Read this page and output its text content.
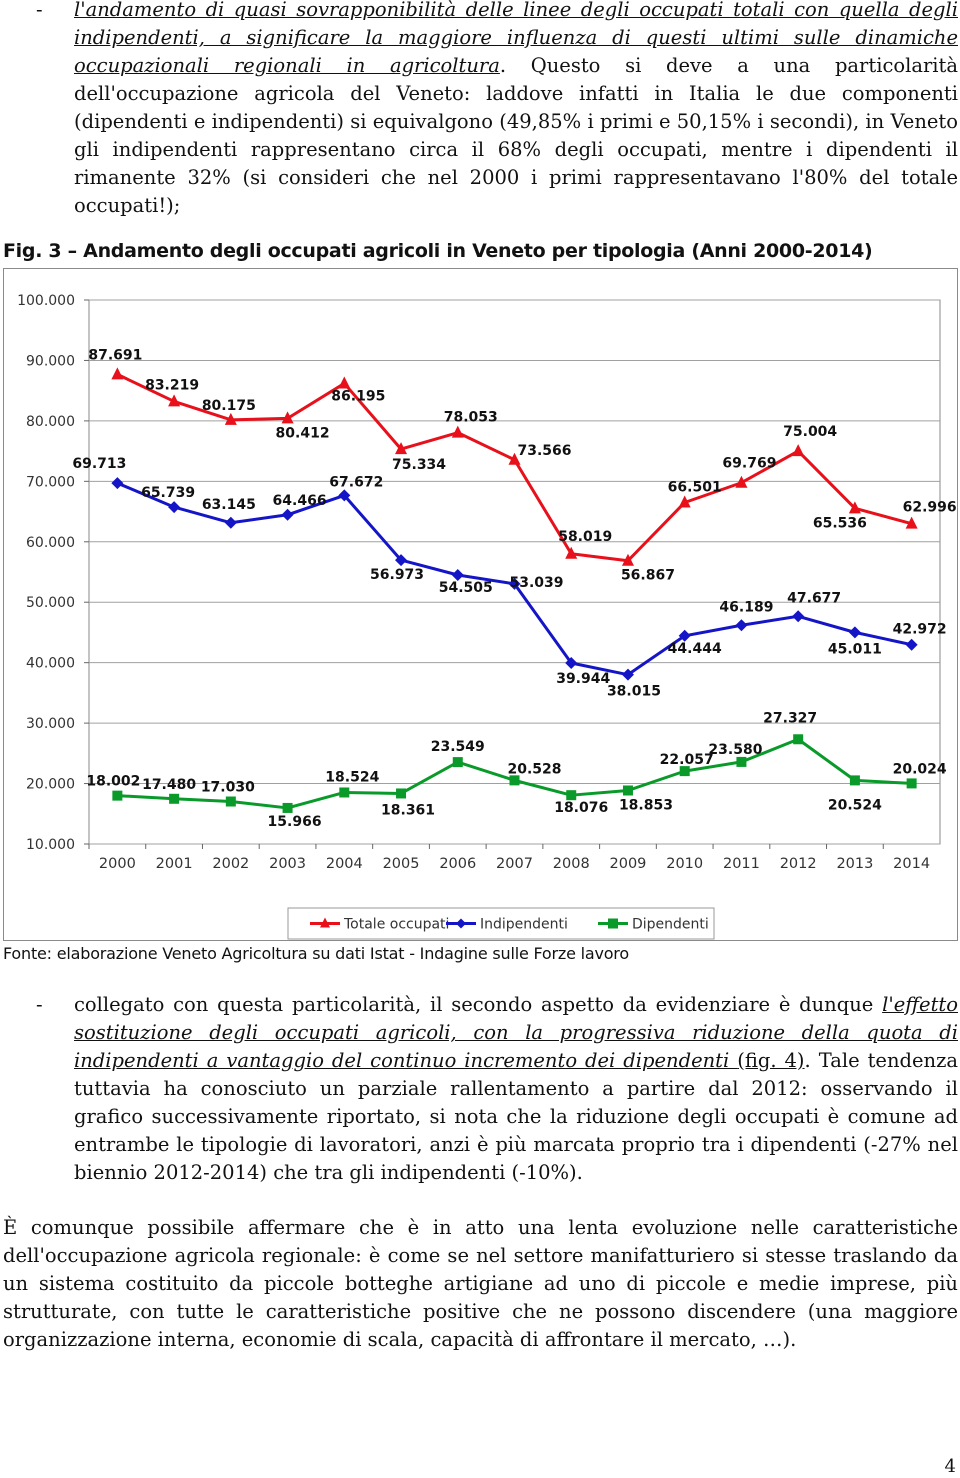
- l'andamento di quasi sovrapponibilità delle linee degli occupati totali con quella degli indipendenti, a significare la maggiore influenza di questi ultimi sulle dinamiche occupazionali regionali in agricoltura. Questo si deve a una particolarità dell'occupazione agricola del Veneto: laddove infatti in Italia le due componenti (dipendenti e indipendenti) si equivalgono (49,85% i primi e 50,15% i secondi), in Veneto gli indipendenti rappresentano circa il 68% degli occupati, mentre i dipendenti il rimanente 32% (si consideri che nel 2000 i primi rappresentavano l'80% del totale occupati!);

Fig. 3 – Andamento degli occupati agricoli in Veneto per tipologia (Anni 2000-2014)
10.000
20.000
30.000
40.000
50.000
60.000
70.000
80.000
90.000
100.000
2000 2001 2002 2003 2004 2005 2006 2007 2008 2009 2010 2011 2012 2013 2014
87.691
83.219
80.175
80.412
86.195
75.334
78.053
73.566
58.019
56.867
66.501
69.769
75.004
65.536
62.996
69.713
65.739
63.145 64.466
67.672
56.973
54.505 53.039
39.944
38.015
44.444
46.189
47.677
45.011
42.972
18.002 17.480 17.030
15.966
18.524
18.361
23.549
20.528
18.076 18.853
22.057
23.580
27.327
20.524
20.024
Totale occupati Indipendenti	Dipendenti
Fonte: elaborazione Veneto Agricoltura su dati Istat - Indagine sulle Forze lavoro
- collegato con questa particolarità, il secondo aspetto da evidenziare è dunque l'effetto sostituzione degli occupati agricoli, con la progressiva riduzione della quota di indipendenti a vantaggio del continuo incremento dei dipendenti (fig. 4). Tale tendenza tuttavia ha conosciuto un parziale rallentamento a partire dal 2012: osservando il grafico successivamente riportato, si nota che la riduzione degli occupati è comune ad entrambe le tipologie di lavoratori, anzi è più marcata proprio tra i dipendenti (-27% nel biennio 2012-2014) che tra gli indipendenti (-10%).

È comunque possibile affermare che è in atto una lenta evoluzione nelle caratteristiche dell'occupazione agricola regionale: è come se nel settore manifatturiero si stesse traslando da un sistema costituito da piccole botteghe artigiane ad uno di piccole e medie imprese, più strutturate, con tutte le caratteristiche positive che ne possono discendere (una maggiore organizzazione interna, economie di scala, capacità di affrontare il mercato, …).

4
